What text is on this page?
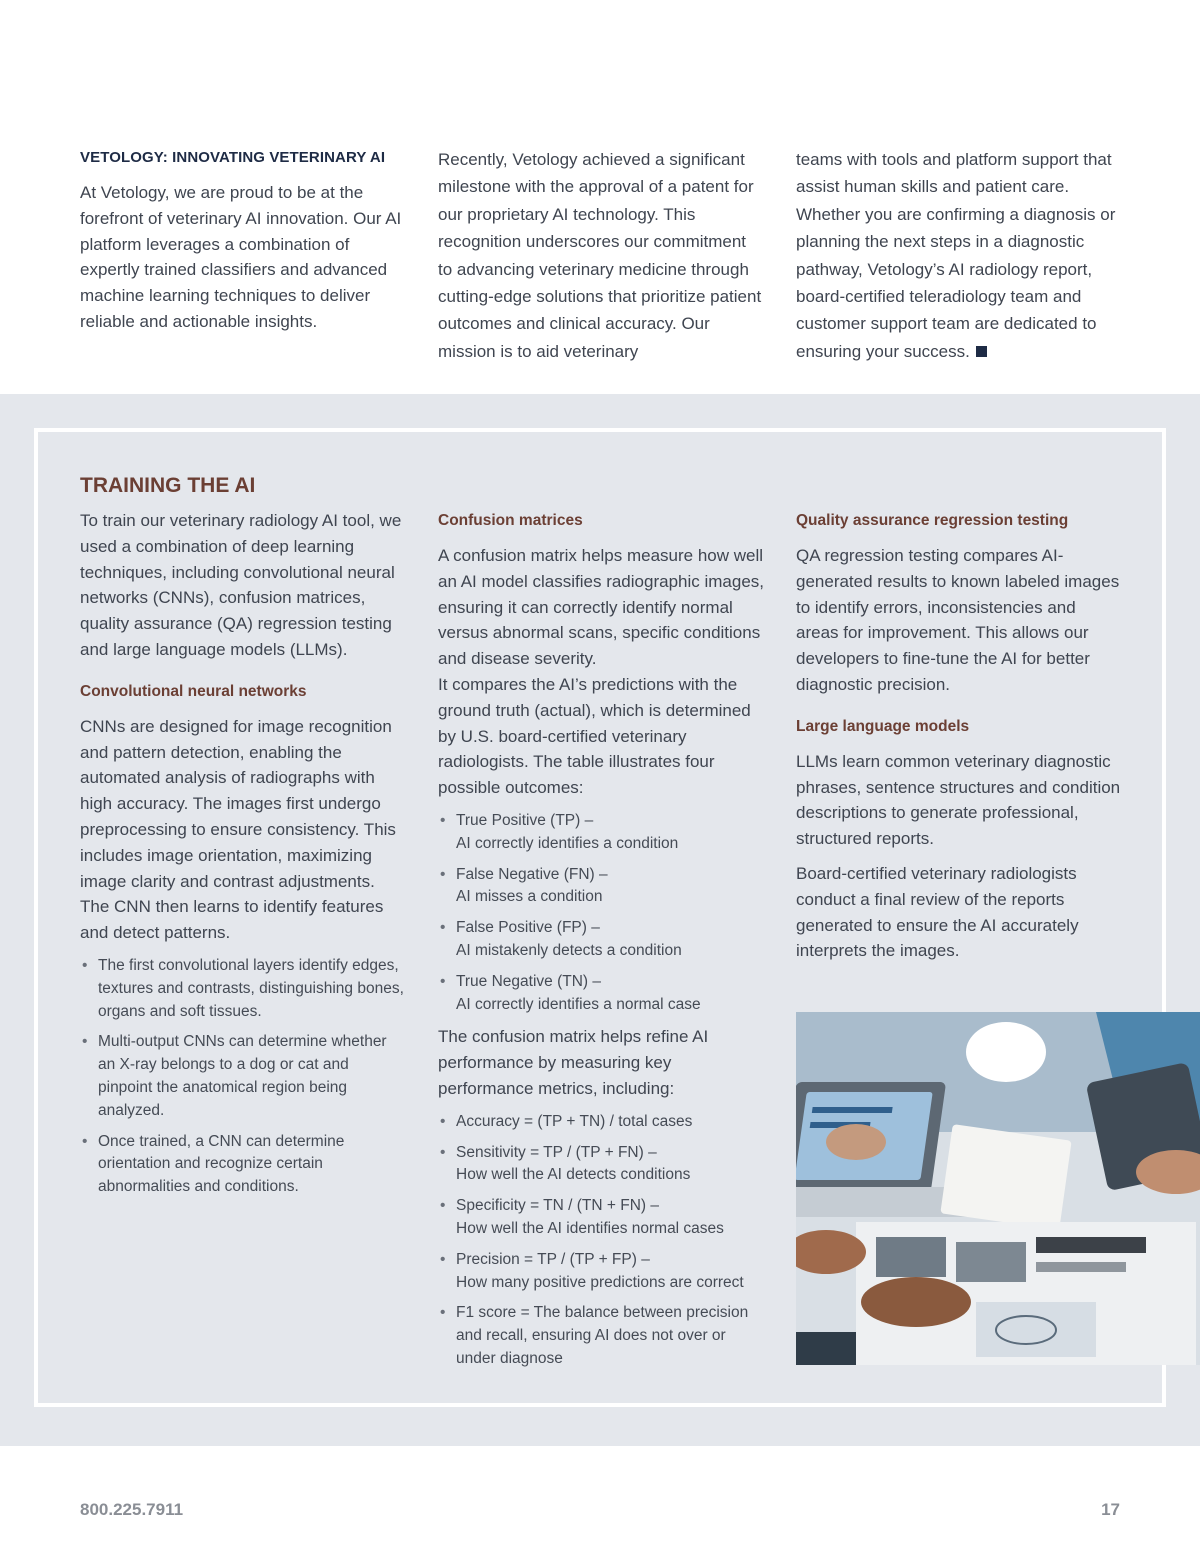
VETOLOGY: INNOVATING VETERINARY AI

At Vetology, we are proud to be at the forefront of veterinary AI innovation. Our AI platform leverages a combination of expertly trained classifiers and advanced machine learning techniques to deliver reliable and actionable insights.

Recently, Vetology achieved a significant milestone with the approval of a patent for our proprietary AI technology. This recognition underscores our commitment to advancing veterinary medicine through cutting-edge solutions that prioritize patient outcomes and clinical accuracy. Our mission is to aid veterinary

teams with tools and platform support that assist human skills and patient care. Whether you are confirming a diagnosis or planning the next steps in a diagnostic pathway, Vetology’s AI radiology report, board-certified teleradiology team and customer support team are dedicated to ensuring your success.

TRAINING THE AI

To train our veterinary radiology AI tool, we used a combination of deep learning techniques, including convolutional neural networks (CNNs), confusion matrices, quality assurance (QA) regression testing and large language models (LLMs).

Convolutional neural networks

CNNs are designed for image recognition and pattern detection, enabling the automated analysis of radiographs with high accuracy. The images first undergo preprocessing to ensure consistency. This includes image orientation, maximizing image clarity and contrast adjustments. The CNN then learns to identify features and detect patterns.

• The first convolutional layers identify edges, textures and contrasts, distinguishing bones, organs and soft tissues.
• Multi-output CNNs can determine whether an X-ray belongs to a dog or cat and pinpoint the anatomical region being analyzed.
• Once trained, a CNN can determine orientation and recognize certain abnormalities and conditions.
Confusion matrices

A confusion matrix helps measure how well an AI model classifies radiographic images, ensuring it can correctly identify normal versus abnormal scans, specific conditions and disease severity.

It compares the AI’s predictions with the ground truth (actual), which is determined by U.S. board-certified veterinary radiologists. The table illustrates four possible outcomes:

• True Positive (TP) –
AI correctly identifies a condition
• False Negative (FN) –
AI misses a condition
• False Positive (FP) –
AI mistakenly detects a condition
• True Negative (TN) –
AI correctly identifies a normal case

The confusion matrix helps refine AI performance by measuring key performance metrics, including:

• Accuracy = (TP + TN) / total cases
• Sensitivity = TP / (TP + FN) –
How well the AI detects conditions
• Specificity = TN / (TN + FN) –
How well the AI identifies normal cases
• Precision = TP / (TP + FP) –
How many positive predictions are correct
• F1 score = The balance between precision and recall, ensuring AI does not over or under diagnose
Quality assurance regression testing

QA regression testing compares AI-generated results to known labeled images to identify errors, inconsistencies and areas for improvement. This allows our developers to fine-tune the AI for better diagnostic precision.

Large language models

LLMs learn common veterinary diagnostic phrases, sentence structures and condition descriptions to generate professional, structured reports.

Board-certified veterinary radiologists conduct a final review of the reports generated to ensure the AI accurately interprets the images.

800.225.7911	17
